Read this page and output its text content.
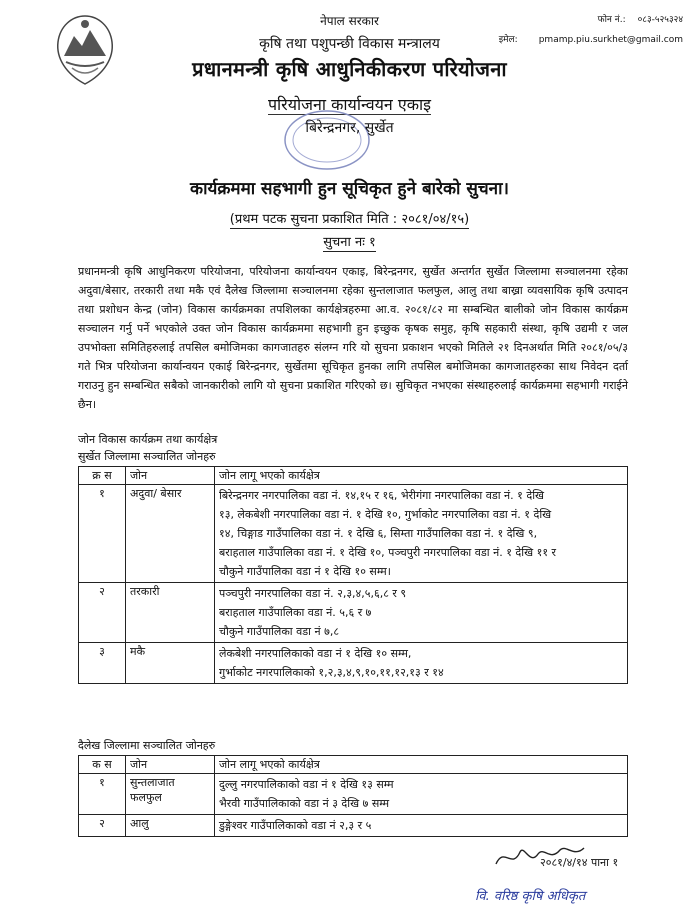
फोन नं.: ०८३-५२५३२४
इमेल: pmamp.piu.surkhet@gmail.com
नेपाल सरकार
कृषि तथा पशुपन्छी विकास मन्त्रालय
प्रधानमन्त्री कृषि आधुनिकीकरण परियोजना
परियोजना कार्यान्वयन एकाइ
बिरेन्द्रनगर, सुर्खेत
कार्यक्रममा सहभागी हुन सूचिकृत हुने बारेको सुचना।
(प्रथम पटक सुचना प्रकाशित मिति : २०८१/०४/१५)
सुचना नः १
प्रधानमन्त्री कृषि आधुनिकरण परियोजना, परियोजना कार्यान्वयन एकाइ, बिरेन्द्रनगर, सुर्खेत अन्तर्गत सुर्खेत जिल्लामा सञ्चालनमा रहेका अदुवा/बेसार, तरकारी तथा मकै एवं दैलेख जिल्लामा सञ्चालनमा रहेका सुन्तलाजात फलफुल, आलु तथा बाख्रा व्यवसायिक कृषि उत्पादन तथा प्रशोधन केन्द्र (जोन) विकास कार्यक्रमका तपशिलका कार्यक्षेत्रहरुमा आ.व. २०८१/८२ मा सम्बन्धित बालीको जोन विकास कार्यक्रम सञ्चालन गर्नु पर्ने भएकोले उक्त जोन विकास कार्यक्रममा सहभागी हुन इच्छुक कृषक समुह, कृषि सहकारी संस्था, कृषि उद्यमी र जल उपभोक्ता समितिहरुलाई तपसिल बमोजिमका कागजातहरु संलग्न गरि यो सुचना प्रकाशन भएको मितिले २१ दिनअर्थात मिति २०८१/०५/३ गते भित्र परियोजना कार्यान्वयन एकाई बिरेन्द्रनगर, सुर्खेतमा सूचिकृत हुनका लागि तपसिल बमोजिमका कागजातहरुका साथ निवेदन दर्ता गराउनु हुन सम्बन्धित सबैको जानकारीको लागि यो सुचना प्रकाशित गरिएको छ। सुचिकृत नभएका संस्थाहरुलाई कार्यक्रममा सहभागी गराईने छैन।
जोन विकास कार्यक्रम तथा कार्यक्षेत्र
सुर्खेत जिल्लामा सञ्चालित जोनहरु
क्र स	जोन	जोन लागू भएको कार्यक्षेत्र
१	अदुवा/ बेसार	बिरेन्द्रनगर नगरपालिका वडा नं. १४,१५ र १६, भेरीगंगा नगरपालिका वडा नं. १ देखि
१३, लेकबेशी नगरपालिका वडा नं. १ देखि १०, गुर्भाकोट नगरपालिका वडा नं. १ देखि
१४, चिङ्गाड गाउँपालिका वडा नं. १ देखि ६, सिम्ता गाउँपालिका वडा नं. १ देखि ९,
बराहताल गाउँपालिका वडा नं. १ देखि १०, पञ्चपुरी नगरपालिका वडा नं. १ देखि ११ र
चौकुने गाउँपालिका वडा नं १ देखि १० सम्म।

२	तरकारी	पञ्चपुरी नगरपालिका वडा नं. २,३,४,५,६,८ र ९
बराहताल गाउँपालिका वडा नं. ५,६ र ७
चौकुने गाउँपालिका वडा नं ७,८

३	मकै	लेकबेशी नगरपालिकाको वडा नं १ देखि १० सम्म,
गुर्भाकोट नगरपालिकाको १,२,३,४,९,१०,११,१२,१३ र १४
दैलेख जिल्लामा सञ्चालित जोनहरु
क स	जोन	जोन लागू भएको कार्यक्षेत्र
१	सुन्तलाजात फलफुल	दुल्लु नगरपालिकाको वडा नं १ देखि १३ सम्म
भैरवी गाउँपालिकाको वडा नं ३ देखि ७ सम्म

२	आलु	डुङ्गेश्वर गाउँपालिकाको वडा नं २,३ र ५
२०८१/४/१४ पाना १
वि. वरिष्ठ कृषि अधिकृत
